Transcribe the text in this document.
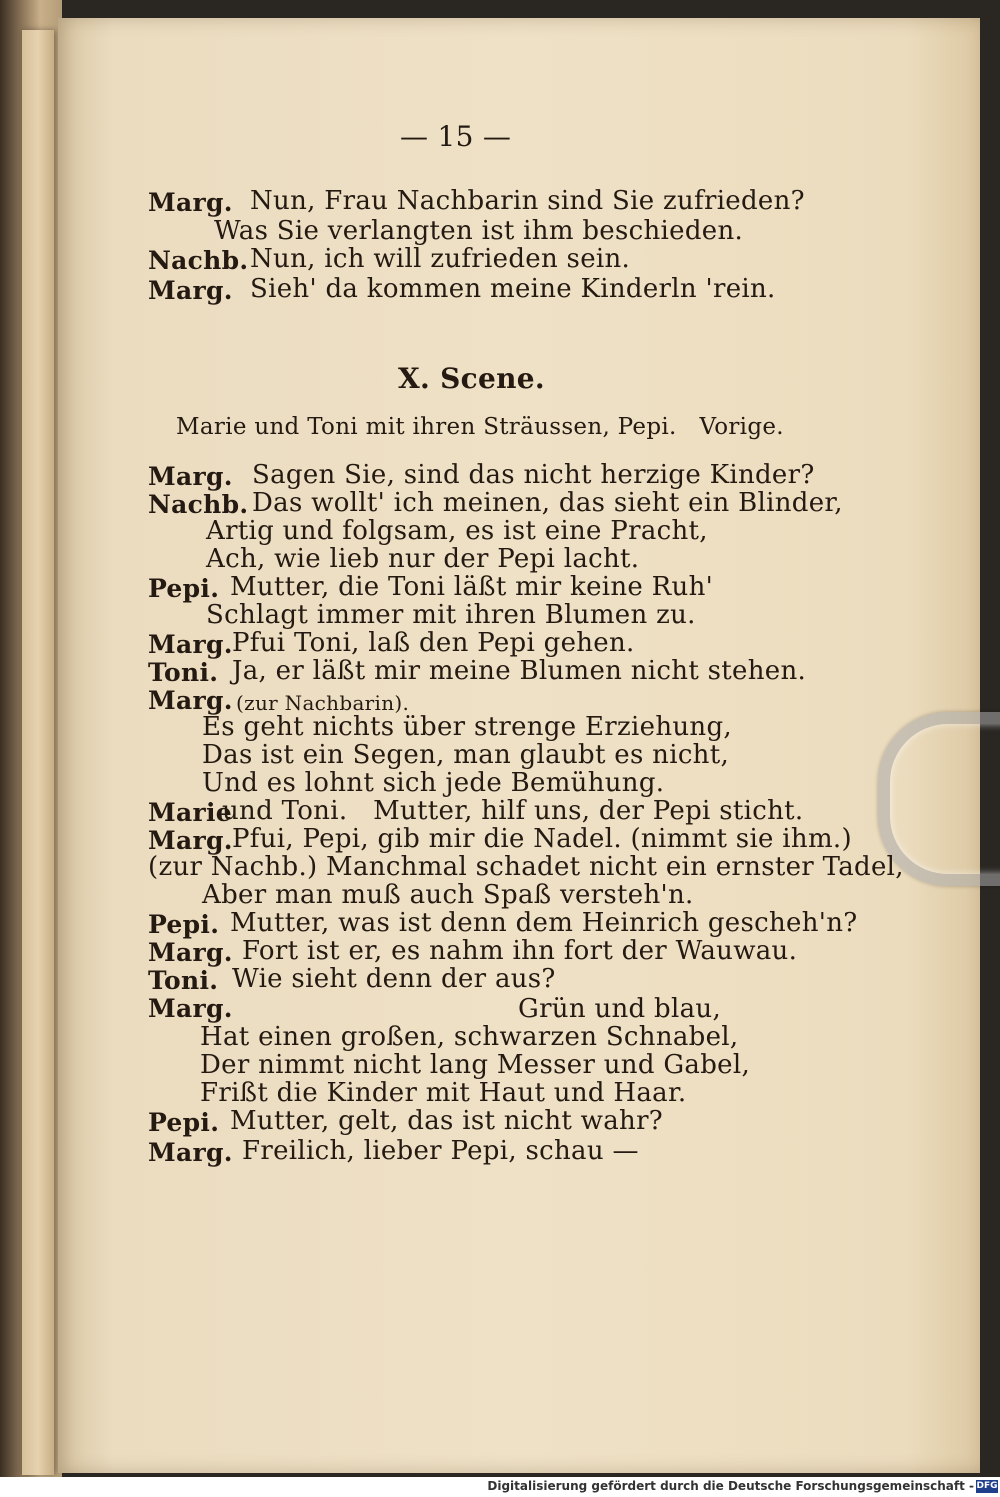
— 15 —
Marg. Nun, Frau Nachbarin sind Sie zufrieden?
Was Sie verlangten ist ihm beschieden.
Nachb. Nun, ich will zufrieden sein.
Marg. Sieh' da kommen meine Kinderln 'rein.
X. Scene.
Marie und Toni mit ihren Sträussen, Pepi.   Vorige.
Marg. Sagen Sie, sind das nicht herzige Kinder?
Nachb. Das wollt' ich meinen, das sieht ein Blinder,
Artig und folgsam, es ist eine Pracht,
Ach, wie lieb nur der Pepi lacht.
Pepi. Mutter, die Toni läßt mir keine Ruh'
Schlagt immer mit ihren Blumen zu.
Marg. Pfui Toni, laß den Pepi gehen.
Toni. Ja, er läßt mir meine Blumen nicht stehen.
Marg. (zur Nachbarin).
Es geht nichts über strenge Erziehung,
Das ist ein Segen, man glaubt es nicht,
Und es lohnt sich jede Bemühung.
Marie
und Toni.   Mutter, hilf uns, der Pepi sticht.
Marg. Pfui, Pepi, gib mir die Nadel. (nimmt sie ihm.)
(zur Nachb.) Manchmal schadet nicht ein ernster Tadel,
Aber man muß auch Spaß versteh'n.
Pepi. Mutter, was ist denn dem Heinrich gescheh'n?
Marg. Fort ist er, es nahm ihn fort der Wauwau.
Toni. Wie sieht denn der aus?
Marg.	Grün und blau,
Hat einen großen, schwarzen Schnabel,
Der nimmt nicht lang Messer und Gabel,
Frißt die Kinder mit Haut und Haar.
Pepi. Mutter, gelt, das ist nicht wahr?
Marg. Freilich, lieber Pepi, schau —
Digitalisierung gefördert durch die Deutsche Forschungsgemeinschaft - DFG
